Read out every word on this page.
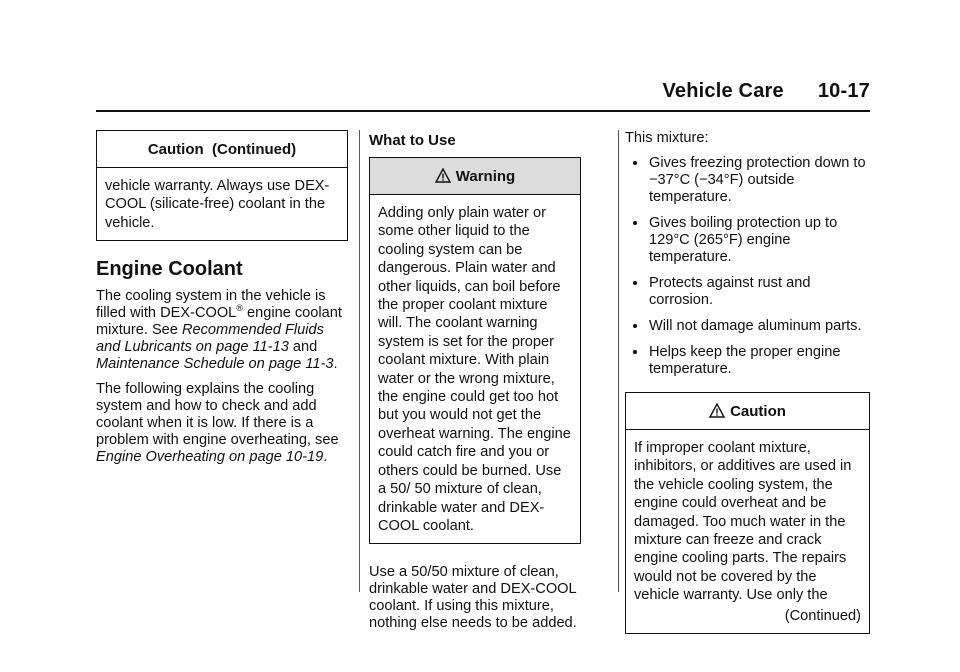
Vehicle Care 10-17
Caution (Continued)
vehicle warranty. Always use DEX-COOL (silicate-free) coolant in the vehicle.
Engine Coolant

The cooling system in the vehicle is filled with DEX-COOL® engine coolant mixture. See Recommended Fluids and Lubricants on page 11-13 and Maintenance Schedule on page 11-3.

The following explains the cooling system and how to check and add coolant when it is low. If there is a problem with engine overheating, see Engine Overheating on page 10-19.

What to Use
Warning
Adding only plain water or some other liquid to the cooling system can be dangerous. Plain water and other liquids, can boil before the proper coolant mixture will. The coolant warning system is set for the proper coolant mixture. With plain water or the wrong mixture, the engine could get too hot but you would not get the overheat warning. The engine could catch fire and you or others could be burned. Use a 50/ 50 mixture of clean, drinkable water and DEX-COOL coolant.

Use a 50/50 mixture of clean, drinkable water and DEX-COOL coolant. If using this mixture, nothing else needs to be added.

This mixture:

Gives freezing protection down to −37°C (−34°F) outside temperature.
Gives boiling protection up to 129°C (265°F) engine temperature.
Protects against rust and corrosion.
Will not damage aluminum parts.
Helps keep the proper engine temperature.
Caution
If improper coolant mixture, inhibitors, or additives are used in the vehicle cooling system, the engine could overheat and be damaged. Too much water in the mixture can freeze and crack engine cooling parts. The repairs would not be covered by the vehicle warranty. Use only the
(Continued)
